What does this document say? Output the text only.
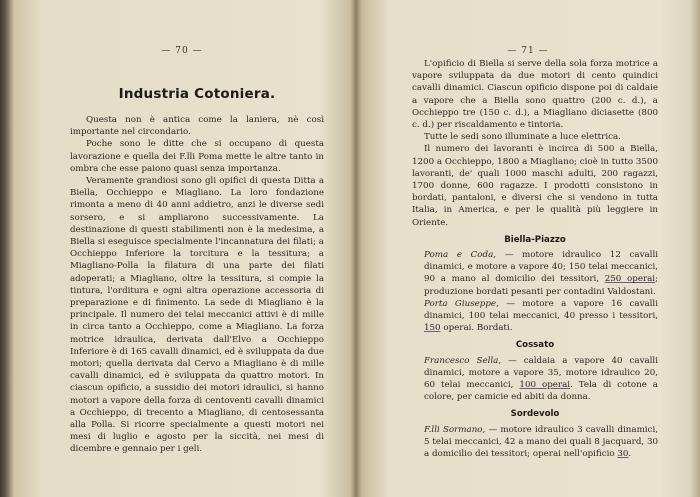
— 70 —	— 71 —
Industria Cotoniera.

Questa non è antica come la laniera, nè così importante nel circondario.

Poche sono le ditte che si occupano di questa lavorazione e quella dei F.lli Poma mette le altre tanto in ombra che esse paiono quasi senza importanza.

Veramente grandiosi sono gli opifici di questa Ditta a Biella, Occhieppo e Miagliano. La loro fondazione rimonta a meno di 40 anni addietro, anzi le diverse sedi sorsero, e si ampliarono successivamente. La destinazione di questi stabilimenti non è la medesima, a Biella si eseguisce specialmente l'incannatura dei filati; a Occhieppo Inferiore la torcitura e la tessitura; a Miagliano-Polla la filatura di una parte dei filati adoperati; a Miagliano, oltre la tessitura, si compie la tintura, l'orditura e ogni altra operazione accessoria di preparazione e di finimento. La sede di Miagliano è la principale. Il numero dei telai meccanici attivi è di mille in circa tanto a Occhieppo, come a Miagliano. La forza motrice idraulica, derivata dall'Elvo a Occhieppo Inferiore è di 165 cavalli dinamici, ed è sviluppata da due motori; quella derivata dal Cervo a Miagliano è di mille cavalli dinamici, ed è sviluppata da quattro motori. In ciascun opificio, a sussidio dei motori idraulici, si hanno motori a vapore della forza di centoventi cavalli dinamici a Occhieppo, di trecento a Miagliano, di centosessanta alla Polla. Si ricorre specialmente a questi motori nei mesi di luglio e agosto per la siccità, nei mesi di dicembre e gennaio per i geli.

L'opificio di Biella si serve della sola forza motrice a vapore sviluppata da due motori di cento quindici cavalli dinamici. Ciascun opificio dispone poi di caldaie a vapore che a Biella sono quattro (200 c. d.), a Occhieppo tre (150 c. d.), a Miagliano diciasette (800 c. d.) per riscaldamento e tintoria.

Tutte le sedi sono illuminate a luce elettrica.

Il numero dei lavoranti è incirca di 500 a Biella, 1200 a Occhieppo, 1800 a Miagliano; cioè in tutto 3500 lavoranti, de' quali 1000 maschi adulti, 200 ragazzi, 1700 donne, 600 ragazze. I prodotti consistono in bordati, pantaloni, e diversi che si vendono in tutta Italia, in America, e per le qualità più leggiere in Oriente.

Biella-Piazzo

Poma e Coda, — motore idraulico 12 cavalli dinamici, e motore a vapore 40; 150 telai meccanici, 90 a mano al domicilio dei tessitori, 250 operai; produzione bordati pesanti per contadini Valdostani.

Porta Giuseppe, — motore a vapore 16 cavalli dinamici, 100 telai meccanici, 40 presso i tessitori, 150 operai. Bordati.

Cossato

Francesco Sella, — caldaia a vapore 40 cavalli dinamici, motore a vapore 35, motore idraulico 20, 60 telai meccanici, 100 operai. Tela di cotone a colore, per camicie ed abiti da donna.

Sordevolo

F.lli Sormano, — motore idraulico 3 cavalli dinamici, 5 telai meccanici, 42 a mano dei quali 8 jacquard, 30 a domicilio dei tessitori; operai nell'opificio 30.
